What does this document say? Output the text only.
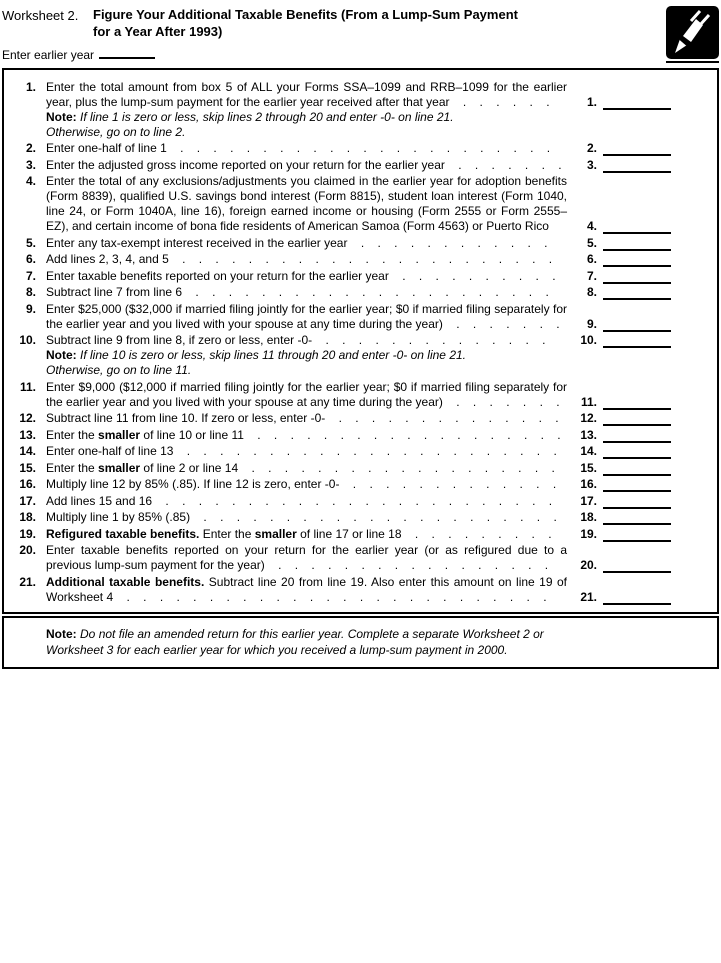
Worksheet 2.	Figure Your Additional Taxable Benefits (From a Lump-Sum Payment
for a Year After 1993)
Enter earlier year
1. Enter the total amount from box 5 of ALL your Forms SSA–1099 and RRB–1099 for the earlier year, plus the lump-sum payment for the earlier year received after that year . . . . . .	1.
Note: If line 1 is zero or less, skip lines 2 through 20 and enter -0- on line 21.
Otherwise, go on to line 2.
2. Enter one-half of line 1 . . . . . . . . . . . . . . . . . . . . . . .	2.
3. Enter the adjusted gross income reported on your return for the earlier year . . . . . . .	3.
4. Enter the total of any exclusions/adjustments you claimed in the earlier year for adoption benefits (Form 8839), qualified U.S. savings bond interest (Form 8815), student loan interest (Form 1040, line 24, or Form 1040A, line 16), foreign earned income or housing (Form 2555 or Form 2555–EZ), and certain income of bona fide residents of American Samoa (Form 4563) or Puerto Rico	4.
5. Enter any tax-exempt interest received in the earlier year . . . . . . . . . . . .	5.
6. Add lines 2, 3, 4, and 5 . . . . . . . . . . . . . . . . . . . . . . .	6.
7. Enter taxable benefits reported on your return for the earlier year . . . . . . . . . .	7.
8. Subtract line 7 from line 6 . . . . . . . . . . . . . . . . . . . . . .	8.
9. Enter $25,000 ($32,000 if married filing jointly for the earlier year; $0 if married filing separately for the earlier year and you lived with your spouse at any time during the year) . . . . . . .	9.
10. Subtract line 9 from line 8, if zero or less, enter -0- . . . . . . . . . . . . . .	10.
Note: If line 10 is zero or less, skip lines 11 through 20 and enter -0- on line 21.
Otherwise, go on to line 11.
11. Enter $9,000 ($12,000 if married filing jointly for the earlier year; $0 if married filing separately for the earlier year and you lived with your spouse at any time during the year) . . . . . . .	11.
12. Subtract line 11 from line 10. If zero or less, enter -0- . . . . . . . . . . . . . .	12.
13. Enter the smaller of line 10 or line 11 . . . . . . . . . . . . . . . . . . .	13.
14. Enter one-half of line 13 . . . . . . . . . . . . . . . . . . . . . . .	14.
15. Enter the smaller of line 2 or line 14 . . . . . . . . . . . . . . . . . . .	15.
16. Multiply line 12 by 85% (.85). If line 12 is zero, enter -0- . . . . . . . . . . . . .	16.
17. Add lines 15 and 16 . . . . . . . . . . . . . . . . . . . . . . . .	17.
18. Multiply line 1 by 85% (.85) . . . . . . . . . . . . . . . . . . . . . .	18.
19. Refigured taxable benefits. Enter the smaller of line 17 or line 18 . . . . . . . . .	19.
20. Enter taxable benefits reported on your return for the earlier year (or as refigured due to a previous lump-sum payment for the year) . . . . . . . . . . . . . . . . .	20.
21. Additional taxable benefits. Subtract line 20 from line 19. Also enter this amount on line 19 of Worksheet 4 . . . . . . . . . . . . . . . . . . . . . . . . . .	21.
Note: Do not file an amended return for this earlier year. Complete a separate Worksheet 2 or
Worksheet 3 for each earlier year for which you received a lump-sum payment in 2000.
